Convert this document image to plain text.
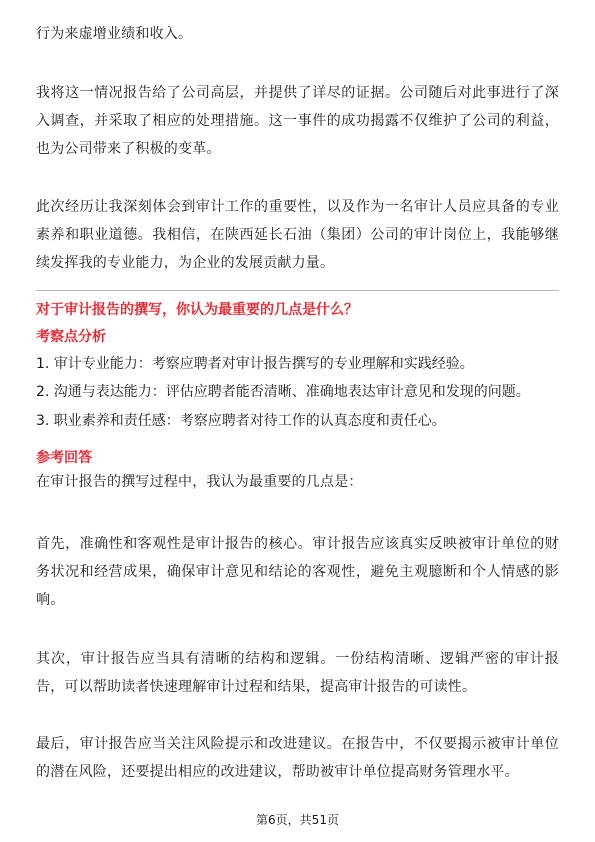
行为来虚增业绩和收入。

我将这一情况报告给了公司高层，并提供了详尽的证据。公司随后对此事进行了深入调查，并采取了相应的处理措施。这一事件的成功揭露不仅维护了公司的利益，也为公司带来了积极的变革。

此次经历让我深刻体会到审计工作的重要性，以及作为一名审计人员应具备的专业素养和职业道德。我相信，在陕西延长石油（集团）公司的审计岗位上，我能够继续发挥我的专业能力，为企业的发展贡献力量。

对于审计报告的撰写，你认为最重要的几点是什么？
考察点分析
1. 审计专业能力：考察应聘者对审计报告撰写的专业理解和实践经验。
2. 沟通与表达能力：评估应聘者能否清晰、准确地表达审计意见和发现的问题。
3. 职业素养和责任感：考察应聘者对待工作的认真态度和责任心。
参考回答

在审计报告的撰写过程中，我认为最重要的几点是：

首先，准确性和客观性是审计报告的核心。审计报告应该真实反映被审计单位的财务状况和经营成果，确保审计意见和结论的客观性，避免主观臆断和个人情感的影响。

其次，审计报告应当具有清晰的结构和逻辑。一份结构清晰、逻辑严密的审计报告，可以帮助读者快速理解审计过程和结果，提高审计报告的可读性。

最后，审计报告应当关注风险提示和改进建议。在报告中，不仅要揭示被审计单位的潜在风险，还要提出相应的改进建议，帮助被审计单位提高财务管理水平。

第6页，共51页
